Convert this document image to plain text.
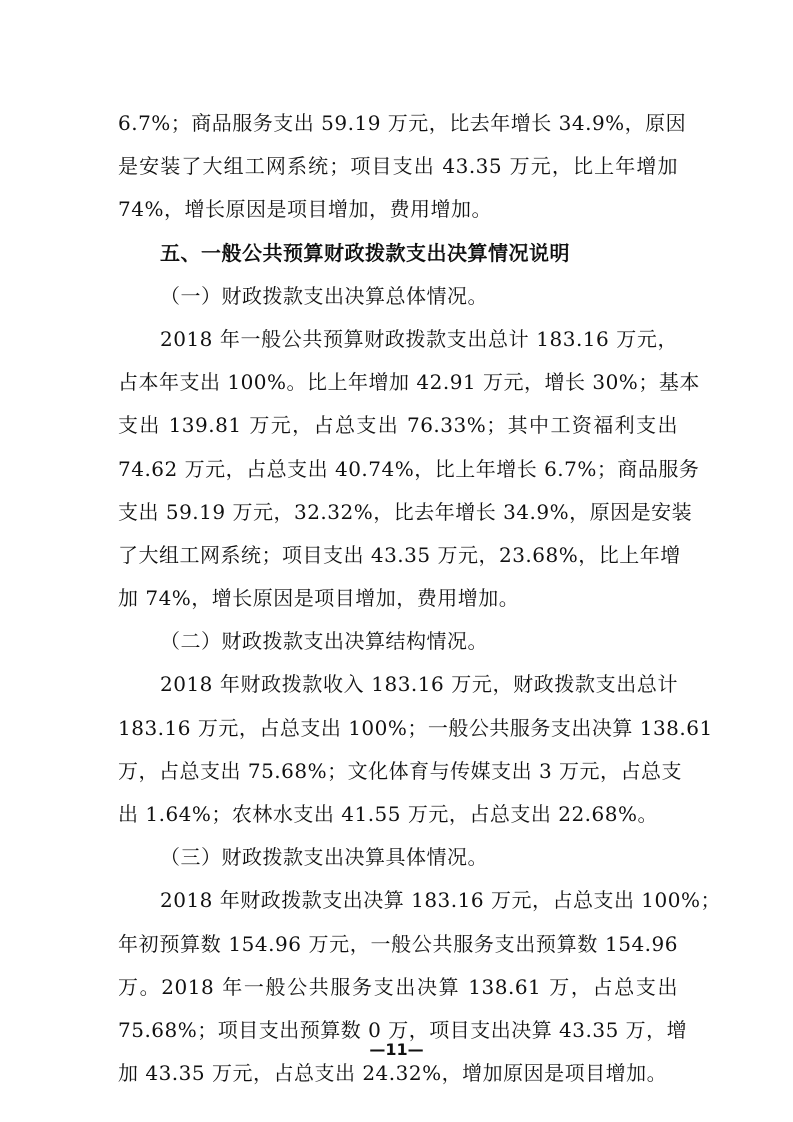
6.7%；商品服务支出 59.19 万元，比去年增长 34.9%，原因
是安装了大组工网系统；项目支出 43.35 万元，比上年增加
74%，增长原因是项目增加，费用增加。
五、一般公共预算财政拨款支出决算情况说明
（一）财政拨款支出决算总体情况。
2018 年一般公共预算财政拨款支出总计 183.16 万元，
占本年支出 100%。比上年增加 42.91 万元，增长 30%；基本
支出 139.81 万元，占总支出 76.33%；其中工资福利支出
74.62 万元，占总支出 40.74%，比上年增长 6.7%；商品服务
支出 59.19 万元，32.32%，比去年增长 34.9%，原因是安装
了大组工网系统；项目支出 43.35 万元，23.68%，比上年增
加 74%，增长原因是项目增加，费用增加。
（二）财政拨款支出决算结构情况。
2018 年财政拨款收入 183.16 万元，财政拨款支出总计
183.16 万元，占总支出 100%；一般公共服务支出决算 138.61
万，占总支出 75.68%；文化体育与传媒支出 3 万元，占总支
出 1.64%；农林水支出 41.55 万元，占总支出 22.68%。
（三）财政拨款支出决算具体情况。
2018 年财政拨款支出决算 183.16 万元，占总支出 100%；
年初预算数 154.96 万元，一般公共服务支出预算数 154.96
万。2018 年一般公共服务支出决算 138.61 万，占总支出
75.68%；项目支出预算数 0 万，项目支出决算 43.35 万，增
加 43.35 万元，占总支出 24.32%，增加原因是项目增加。
—11—
